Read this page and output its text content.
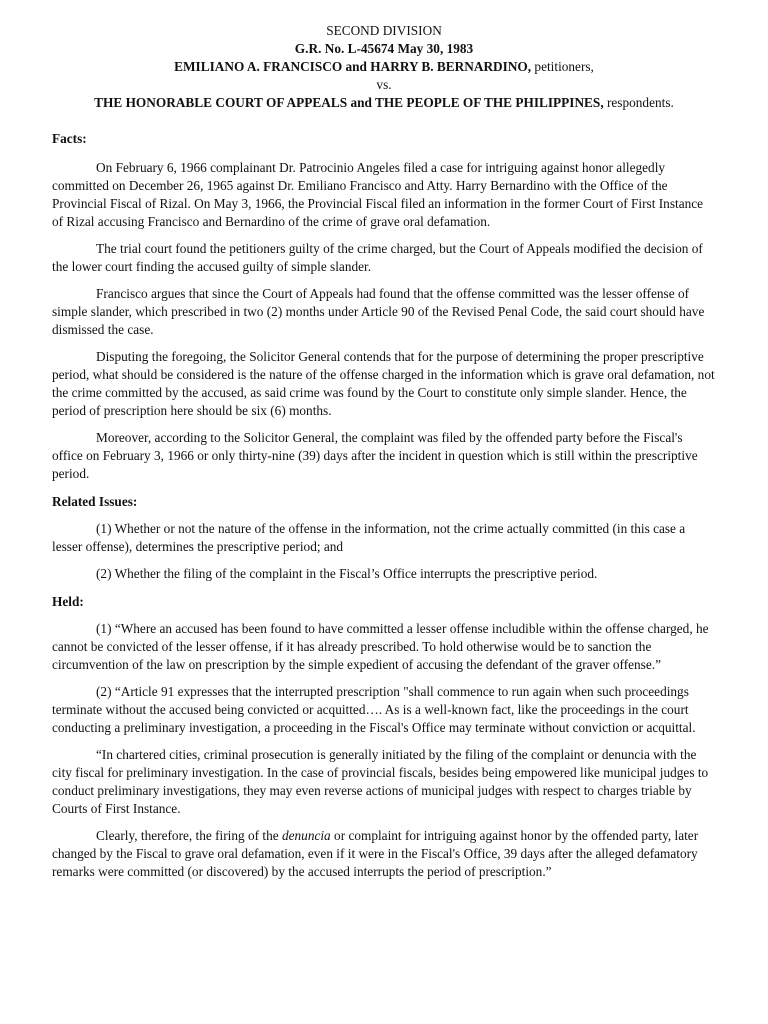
SECOND DIVISION
G.R. No. L-45674 May 30, 1983
EMILIANO A. FRANCISCO and HARRY B. BERNARDINO, petitioners,
vs.
THE HONORABLE COURT OF APPEALS and THE PEOPLE OF THE PHILIPPINES, respondents.

Facts:

On February 6, 1966 complainant Dr. Patrocinio Angeles filed a case for intriguing against honor allegedly committed on December 26, 1965 against Dr. Emiliano Francisco and Atty. Harry Bernardino with the Office of the Provincial Fiscal of Rizal. On May 3, 1966, the Provincial Fiscal filed an information in the former Court of First Instance of Rizal accusing Francisco and Bernardino of the crime of grave oral defamation.

The trial court found the petitioners guilty of the crime charged, but the Court of Appeals modified the decision of the lower court finding the accused guilty of simple slander.

Francisco argues that since the Court of Appeals had found that the offense committed was the lesser offense of simple slander, which prescribed in two (2) months under Article 90 of the Revised Penal Code, the said court should have dismissed the case.

Disputing the foregoing, the Solicitor General contends that for the purpose of determining the proper prescriptive period, what should be considered is the nature of the offense charged in the information which is grave oral defamation, not the crime committed by the accused, as said crime was found by the Court to constitute only simple slander. Hence, the period of prescription here should be six (6) months.

Moreover, according to the Solicitor General, the complaint was filed by the offended party before the Fiscal's office on February 3, 1966 or only thirty-nine (39) days after the incident in question which is still within the prescriptive period.

Related Issues:

(1) Whether or not the nature of the offense in the information, not the crime actually committed (in this case a lesser offense), determines the prescriptive period; and

(2) Whether the filing of the complaint in the Fiscal’s Office interrupts the prescriptive period.

Held:

(1) “Where an accused has been found to have committed a lesser offense includible within the offense charged, he cannot be convicted of the lesser offense, if it has already prescribed. To hold otherwise would be to sanction the circumvention of the law on prescription by the simple expedient of accusing the defendant of the graver offense.”

(2) “Article 91 expresses that the interrupted prescription "shall commence to run again when such proceedings terminate without the accused being convicted or acquitted…. As is a well-known fact, like the proceedings in the court conducting a preliminary investigation, a proceeding in the Fiscal's Office may terminate without conviction or acquittal.

“In chartered cities, criminal prosecution is generally initiated by the filing of the complaint or denuncia with the city fiscal for preliminary investigation. In the case of provincial fiscals, besides being empowered like municipal judges to conduct preliminary investigations, they may even reverse actions of municipal judges with respect to charges triable by Courts of First Instance.

Clearly, therefore, the firing of the denuncia or complaint for intriguing against honor by the offended party, later changed by the Fiscal to grave oral defamation, even if it were in the Fiscal's Office, 39 days after the alleged defamatory remarks were committed (or discovered) by the accused interrupts the period of prescription.”
